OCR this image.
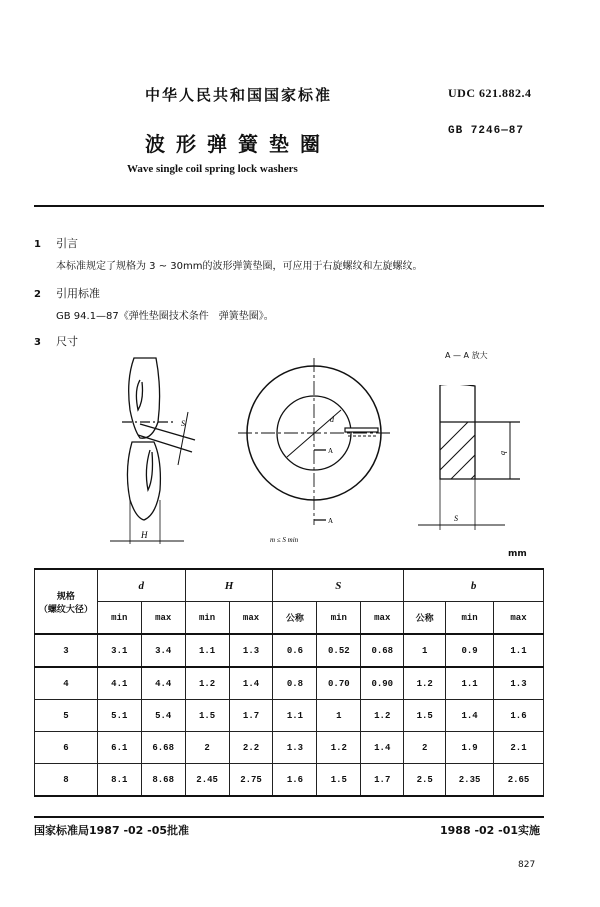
中华人民共和国国家标准	UDC 621.882.4
GB 7246—87
波形弹簧垫圈
Wave single coil spring lock washers
1 引言
本标准规定了规格为 3 ~ 30mm的波形弹簧垫圈，可应用于右旋螺纹和左旋螺纹。
2 引用标准
GB 94.1—87《弹性垫圈技术条件　弹簧垫圈》。
3 尺寸
S
H
d
A
A
m ≤ S min
A — A 放大
b
S
mm
规格
（螺纹大径）	d		H		S			b		
	min	max	min	max	公称	min	max	公称	min	max
3	3.1	3.4	1.1	1.3	0.6	0.52	0.68	1	0.9	1.1
4	4.1	4.4	1.2	1.4	0.8	0.70	0.90	1.2	1.1	1.3
5	5.1	5.4	1.5	1.7	1.1	1	1.2	1.5	1.4	1.6
6	6.1	6.68	2	2.2	1.3	1.2	1.4	2	1.9	2.1
8	8.1	8.68	2.45	2.75	1.6	1.5	1.7	2.5	2.35	2.65
国家标准局1987 -02 -05批准	1988 -02 -01实施
827
